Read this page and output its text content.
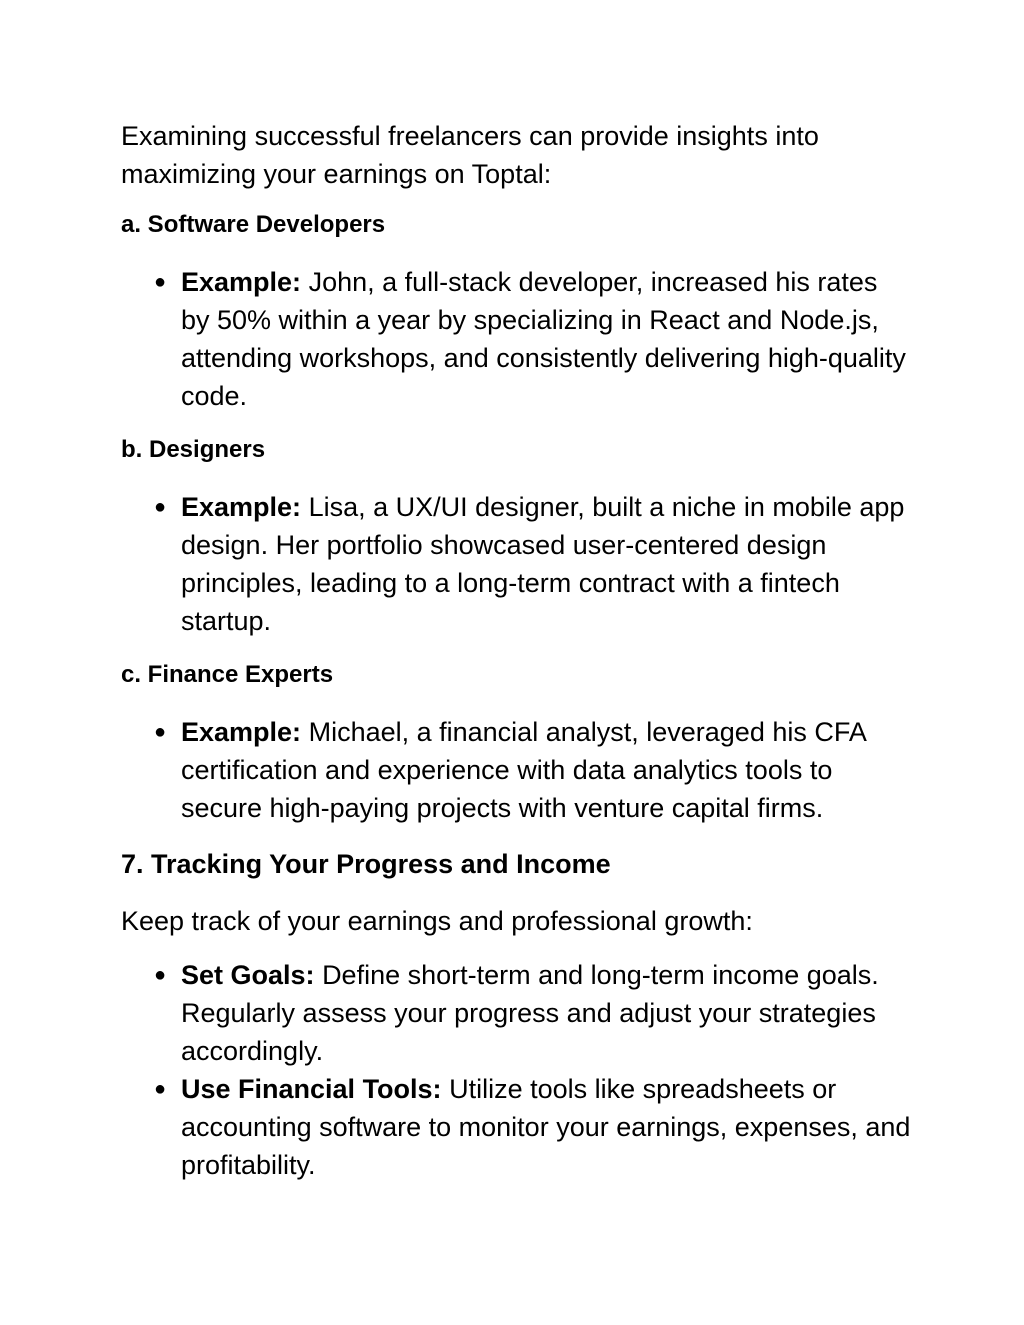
Examining successful freelancers can provide insights into maximizing your earnings on Toptal:

a. Software Developers
● Example: John, a full-stack developer, increased his rates by 50% within a year by specializing in React and Node.js, attending workshops, and consistently delivering high-quality code.
b. Designers
● Example: Lisa, a UX/UI designer, built a niche in mobile app design. Her portfolio showcased user-centered design principles, leading to a long-term contract with a fintech startup.
c. Finance Experts
● Example: Michael, a financial analyst, leveraged his CFA certification and experience with data analytics tools to secure high-paying projects with venture capital firms.
7. Tracking Your Progress and Income

Keep track of your earnings and professional growth:

● Set Goals: Define short-term and long-term income goals. Regularly assess your progress and adjust your strategies accordingly.
● Use Financial Tools: Utilize tools like spreadsheets or accounting software to monitor your earnings, expenses, and profitability.
